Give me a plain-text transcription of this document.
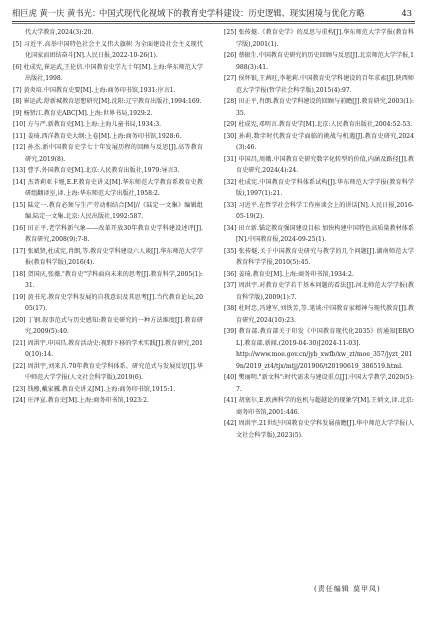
相巨虎 黄一庆 黄书光：
中国式现代化视域下的教育史学科建设：历史逻辑、现实困境与优化方略	43

代大学教育,2024(3):20.

[5] 习近平.高举中国特色社会主义伟大旗帜 为全面建设社会主义现代化国家而团结奋斗[N].人民日报,2022-10-26(1).

[6] 杜成宪,崔运武,王伦信.中国教育史学九十年[M].上海:华东师范大学出版社,1998.

[7] 黄炎培.中国教育史要[M].上海:商务印书馆,1931:序言1.

[8] 崔运武.舒新城教育思想研究[M].沈阳:辽宁教育出版社,1994:169.

[9] 杨贤江.教育史ABC[M].上海:世界书局,1929:2.

[10] 方与严.新教育史[M].上海:上海儿童书局,1934:3.

[11] 姜琦.西洋教育史大纲:上卷[M].上海:商务印书馆,1928:6.

[12] 孙杰.新中国教育史学七十年发展历程的回顾与反思[J].高等教育研究,2019(8).

[13] 曹孚.外国教育史[M].北京:人民教育出版社,1979:导言3.

[14] 杰普莉亚卡娅,E.F.教育史讲义[M].华东师范大学教育系教育史教研组翻译室,译.上海:华东师范大学出版社,1958:2.

[15] 陆定一.教育必须与生产劳动相结合[M]//《陆定一文集》编辑组编.陆定一文集.北京:人民出版社,1992:587.

[16] 田正平.老学科新气象——改革开放30年教育史学科建设述评[J].教育研究,2008(9):7-8.

[17] 张斌贤,杜成宪,肖朗,等.教育史学科建设六人谈[J].华东师范大学学报(教育科学版),2016(4).

[18] 贺国庆,张薇."教育史"学科面向未来的思考[J].教育科学,2005(1):31.

[19] 黄书光.教育史学科发展的自我意识及其思考[J].当代教育论坛,2005(17).

[20] 丁钢.叙事范式与历史感知:教育史研究的一种方法维度[J].教育研究,2009(5):40.

[21] 周洪宇.申国昌.教育活动史:视野下移的学术实践[J].教育研究,2010(10):14.

[22] 周洪宇,刘来兵.70年教育史学科体系、研究范式与发展反思[J].华中师范大学学报(人文社会科学版),2019(6).

[23] 钱穆,戴家骥.教育史讲义[M].上海:商务印书馆,1915:1.

[24] 庄泽宣.教育史[M].上海:商务印书馆,1923:2.

[25] 张传燧.《教育史学》的反思与重构[J].华东师范大学学报(教育科学版),2001(1).

[26] 蔡振生.中国教育史研究的历史回顾与反思[J].北京师范大学学报,1988(3):41.

[27] 侯怀银,王茜旺,李艳莉.中国教育史学科建设的百年求索[J].陕西师范大学学报(哲学社会科学版),2015(4):97.

[28] 田正平,肖朗.教育史学科建设的回顾与前瞻[J].教育研究,2003(1):35.

[29] 杜成宪,邓明言.教育史学[M].北京:人民教育出版社,2004:52-53.

[30] 孙莉.数字时代教育史学面临的挑战与机遇[J].教育史研究,2024(3):46.

[31] 申国昌,周娥.中国教育史研究数字化转型的价值,内涵及路径[J].教育史研究,2024(4):24.

[32] 杜成宪.中国教育史学科体系试构[J].华东师范大学学报(教育科学版),1997(1):21.

[33] 习近平.在哲学社会科学工作座谈会上的讲话[N].人民日报,2016-05-19(2).

[34] 田立新.锚定教育强国建设目标 加快构建中国特色高质量教材体系[N].中国教育报,2024-09-25(1).

[35] 张传燧.关于中国教育史研究与教学的几个问题[J].湖南师范大学教育科学学报,2010(5):45.

[36] 姜琦.教育史[M].上海:商务印书馆,1934:2.

[37] 周洪宇.对教育史学若干基本问题的看法[J].河北师范大学学报(教育科学版),2009(1):7.

[38] 杜时忠,冯建军,刘铁芳,等.笔谈:中国教育家精神与现代教育[J].教育研究,2024(10):23.

[39] 教育部.教育部关于印发《中国教育现代化2035》的通知[EB/OL].教育部.新闻.(2019-04-30)[2024-11-03].

http://www.moe.gov.cn/jyb_xwfb/xw_zt/moe_357/jyzt_2019n/2019_zt4/tjx/mtjj/201906/t20190619_386519.html.

[40] 樊丽明."新文科":时代需求与建设重点[J].中国大学教学,2020(5):7.

[41] 胡塞尔,E.欧洲科学的危机与超越论的现象学[M].王炳文,译.北京:商务印书馆,2001:446.

[42] 周洪宇.21世纪中国教育史学科发展前瞻[J].华中师范大学学报(人文社会科学版),2023(5).

(责任编辑 莫甲凤)
